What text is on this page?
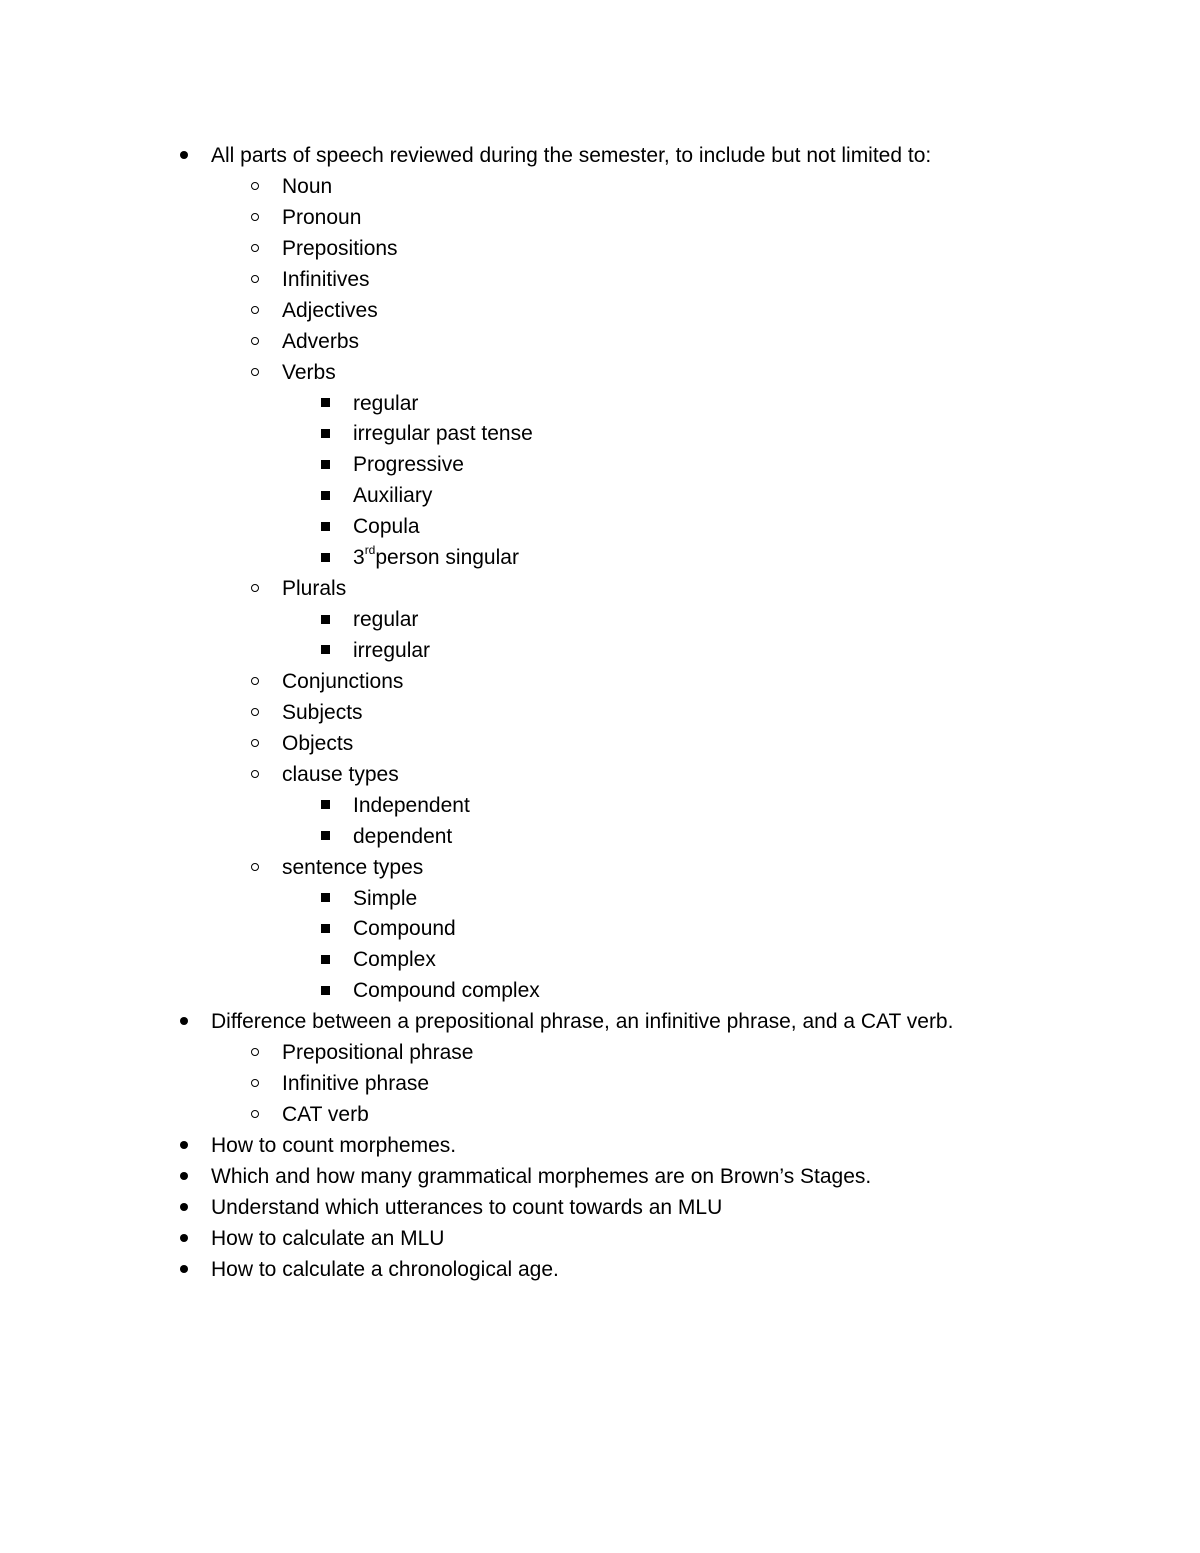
All parts of speech reviewed during the semester, to include but not limited to:
Noun
Pronoun
Prepositions
Infinitives
Adjectives
Adverbs
Verbs
regular
irregular past tense
Progressive
Auxiliary
Copula
3rdperson singular
Plurals
regular
irregular
Conjunctions
Subjects
Objects
clause types
Independent
dependent
sentence types
Simple
Compound
Complex
Compound complex
Difference between a prepositional phrase, an infinitive phrase, and a CAT verb.
Prepositional phrase
Infinitive phrase
CAT verb
How to count morphemes.
Which and how many grammatical morphemes are on Brown’s Stages.
Understand which utterances to count towards an MLU
How to calculate an MLU
How to calculate a chronological age.
